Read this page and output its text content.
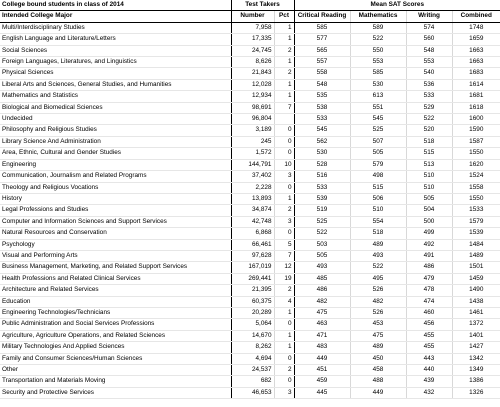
College bound students in class of 2014	Test Takers		Mean SAT Scores			
Intended College Major	Number	Pct	Critical Reading	Mathematics	Writing	Combined
Multi/Interdisciplinary Studies	7,958	1	585	589	574	1748
English Language and Literature/Letters	17,335	1	577	522	560	1659
Social Sciences	24,745	2	565	550	548	1663
Foreign Languages, Literatures, and Linguistics	8,626	1	557	553	553	1663
Physical Sciences	21,843	2	558	585	540	1683
Liberal Arts and Sciences, General Studies, and Humanities	12,028	1	548	530	536	1614
Mathematics and Statistics	12,934	1	535	613	533	1681
Biological and Biomedical Sciences	98,691	7	538	551	529	1618
Undecided	96,804		533	545	522	1600
Philosophy and Religious Studies	3,189	0	545	525	520	1590
Library Science And Administration	245	0	562	507	518	1587
Area, Ethnic, Cultural and Gender Studies	1,572	0	530	505	515	1550
Engineering	144,791	10	528	579	513	1620
Communication, Journalism and Related Programs	37,402	3	516	498	510	1524
Theology and Religious Vocations	2,228	0	533	515	510	1558
History	13,893	1	539	506	505	1550
Legal Professions and Studies	34,874	2	519	510	504	1533
Computer and Information Sciences and Support Services	42,748	3	525	554	500	1579
Natural Resources and Conservation	6,868	0	522	518	499	1539
Psychology	66,461	5	503	489	492	1484
Visual and Performing Arts	97,628	7	505	493	491	1489
Business Management, Marketing, and Related Support Services	167,019	12	493	522	486	1501
Health Professions and Related Clinical Services	269,441	19	485	495	479	1459
Architecture and Related Services	21,395	2	486	526	478	1490
Education	60,375	4	482	482	474	1438
Engineering Technologies/Technicians	20,289	1	475	526	460	1461
Public Administration and Social Services Professions	5,064	0	463	453	456	1372
Agriculture, Agriculture Operations, and Related Sciences	14,670	1	471	475	455	1401
Military Technologies And Applied Sciences	8,262	1	483	489	455	1427
Family and Consumer Sciences/Human Sciences	4,694	0	449	450	443	1342
Other	24,537	2	451	458	440	1349
Transportation and Materials Moving	682	0	459	488	439	1386
Security and Protective Services	46,653	3	445	449	432	1326
